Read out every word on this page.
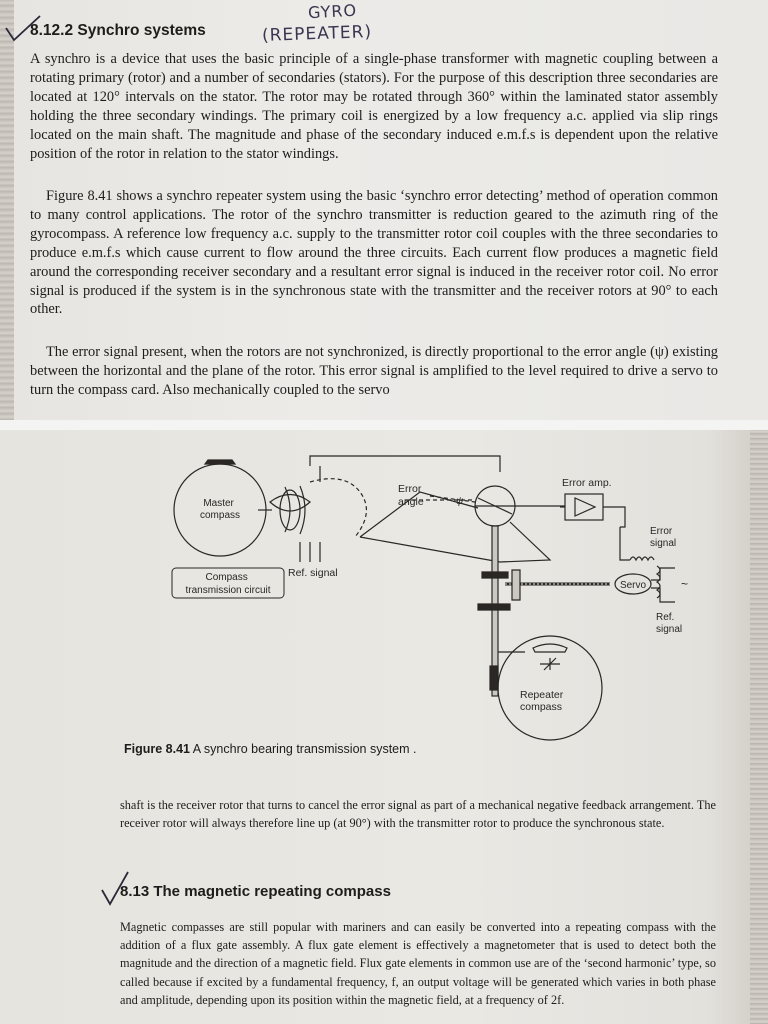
8.12.2 Synchro systems
GYRO
(REPEATER)

A synchro is a device that uses the basic principle of a single-phase transformer with magnetic coupling between a rotating primary (rotor) and a number of secondaries (stators). For the purpose of this description three secondaries are located at 120° intervals on the stator. The rotor may be rotated through 360° within the laminated stator assembly holding the three secondary windings. The primary coil is energized by a low frequency a.c. applied via slip rings located on the main shaft. The magnitude and phase of the secondary induced e.m.f.s is dependent upon the relative position of the rotor in relation to the stator windings.

Figure 8.41 shows a synchro repeater system using the basic ‘synchro error detecting’ method of operation common to many control applications. The rotor of the synchro transmitter is reduction geared to the azimuth ring of the gyrocompass. A reference low frequency a.c. supply to the transmitter rotor coil couples with the three secondaries to produce e.m.f.s which cause current to flow around the three circuits. Each current flow produces a magnetic field around the corresponding receiver secondary and a resultant error signal is induced in the receiver rotor coil. No error signal is produced if the system is in the synchronous state with the transmitter and the receiver rotors at 90° to each other.

The error signal present, when the rotors are not synchronized, is directly proportional to the error angle (ψ) existing between the horizontal and the plane of the rotor. This error signal is amplified to the level required to drive a servo to turn the compass card. Also mechanically coupled to the servo

Master compass
Error angle	ψ
Error amp.
Error signal
Compass transmission circuit
Ref. signal
Servo	~
Ref. signal
Repeater compass
Figure 8.41 A synchro bearing transmission system .

shaft is the receiver rotor that turns to cancel the error signal as part of a mechanical negative feedback arrangement. The receiver rotor will always therefore line up (at 90°) with the transmitter rotor to produce the synchronous state.

8.13 The magnetic repeating compass

Magnetic compasses are still popular with mariners and can easily be converted into a repeating compass with the addition of a flux gate assembly. A flux gate element is effectively a magnetometer that is used to detect both the magnitude and the direction of a magnetic field. Flux gate elements in common use are of the ‘second harmonic’ type, so called because if excited by a fundamental frequency, f, an output voltage will be generated which varies in both phase and amplitude, depending upon its position within the magnetic field, at a frequency of 2f.
